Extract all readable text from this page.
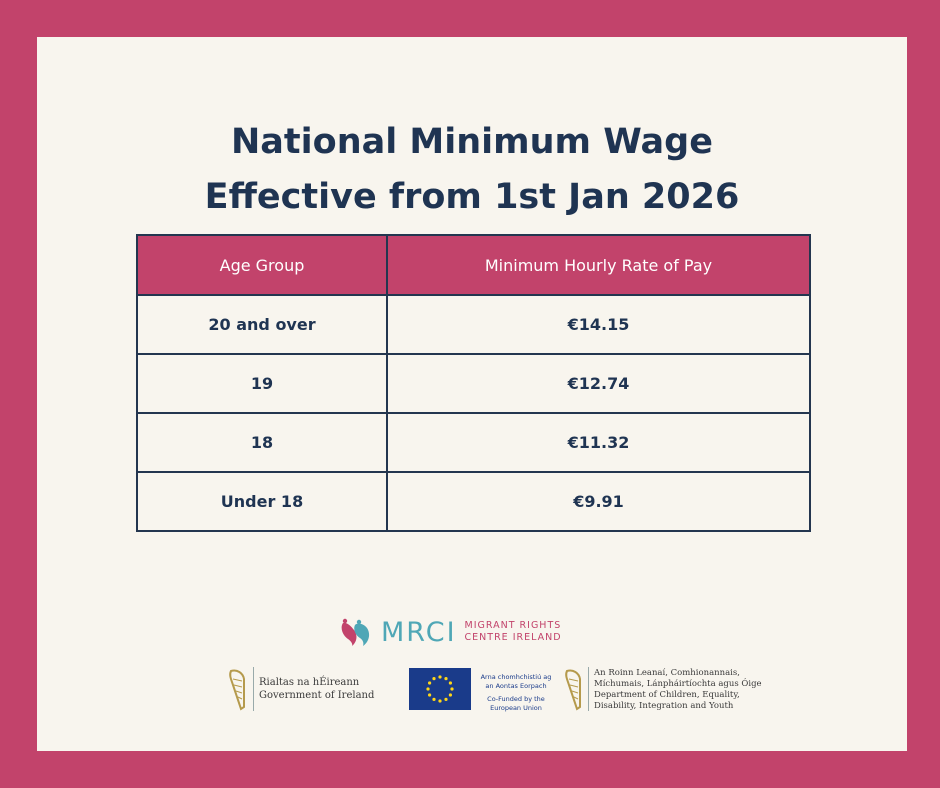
National Minimum Wage
Effective from 1st Jan 2026
Age Group	Minimum Hourly Rate of Pay
20 and over	€14.15
19	€12.74
18	€11.32
Under 18	€9.91
MRCI MIGRANT RIGHTS
CENTRE IRELAND
Rialtas na hÉireann
Government of Ireland
Arna chomhchistiú ag
an Aontas Eorpach
Co-Funded by the
European Union
An Roinn Leanaí, Comhionannais,
Míchumais, Lánpháirtíochta agus Óige
Department of Children, Equality,
Disability, Integration and Youth
